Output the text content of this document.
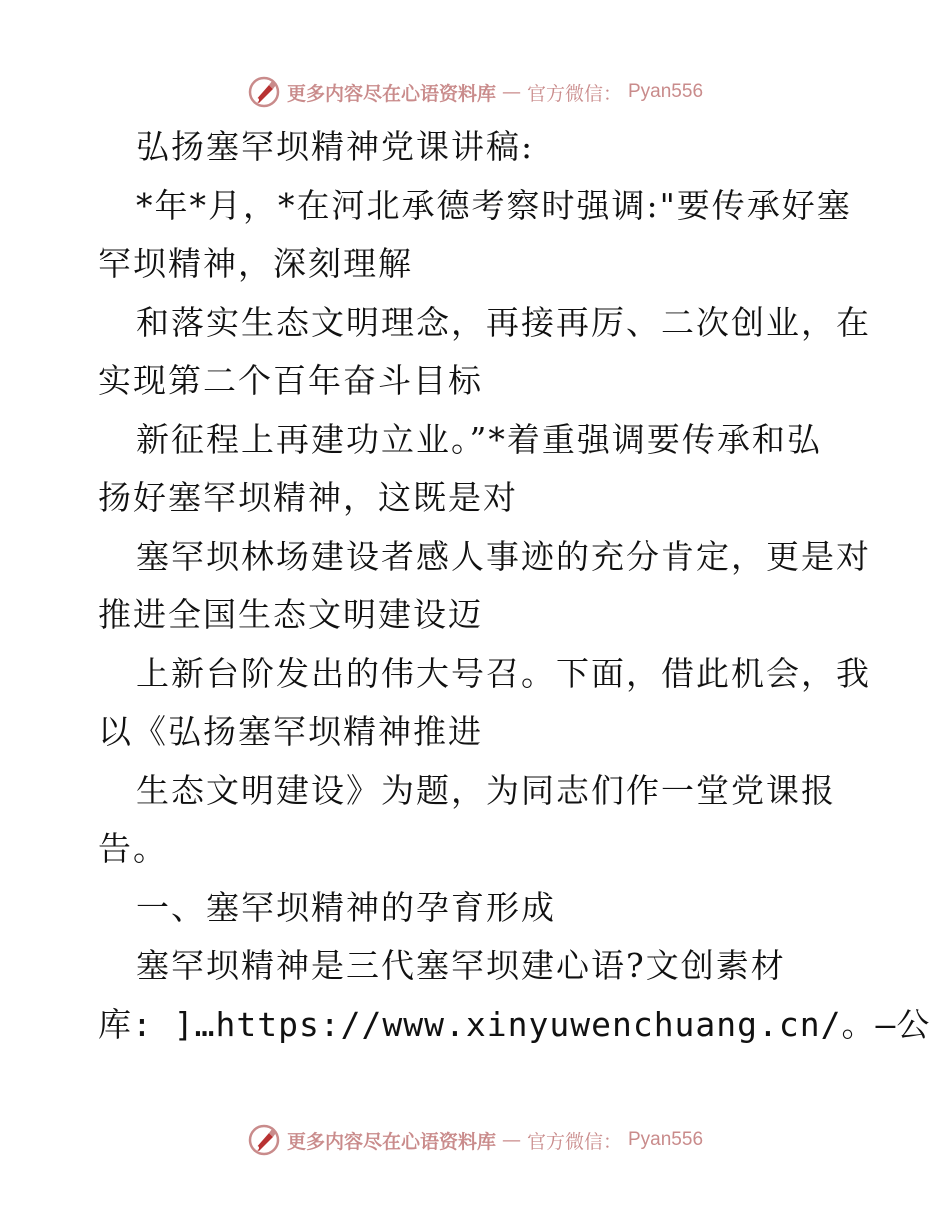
更多内容尽在心语资料库 — 官方微信： Pyan556
弘扬塞罕坝精神党课讲稿:
*年*月，*在河北承德考察时强调:"要传承好塞
罕坝精神，深刻理解
和落实生态文明理念，再接再厉、二次创业，在
实现第二个百年奋斗目标
新征程上再建功立业。”*着重强调要传承和弘
扬好塞罕坝精神，这既是对
塞罕坝林场建设者感人事迹的充分肯定，更是对
推进全国生态文明建设迈
上新台阶发出的伟大号召。下面，借此机会，我
以《弘扬塞罕坝精神推进
生态文明建设》为题，为同志们作一堂党课报
告。
一、塞罕坝精神的孕育形成
塞罕坝精神是三代塞罕坝建心语?文创素材
库: ]…https://www.xinyuwenchuang.cn/。—公
更多内容尽在心语资料库 — 官方微信： Pyan556
